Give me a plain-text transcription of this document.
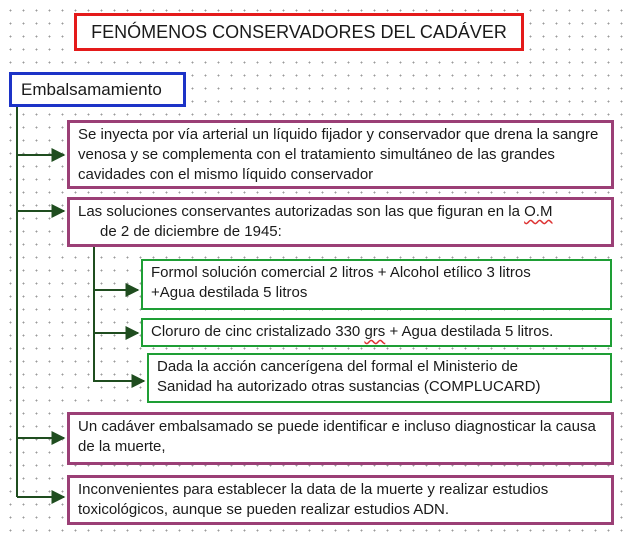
FENÓMENOS CONSERVADORES DEL CADÁVER
Embalsamamiento
Se inyecta por vía arterial un líquido fijador y conservador que drena la sangre venosa y se complementa con el tratamiento simultáneo de las grandes cavidades con el mismo líquido conservador
Las soluciones conservantes autorizadas son las que figuran en la O.M
de 2 de diciembre de 1945:
Formol solución comercial 2 litros + Alcohol etílico 3 litros
+Agua destilada 5 litros
Cloruro de cinc cristalizado 330 grs + Agua destilada 5 litros.
Dada la acción cancerígena del formal el Ministerio de Sanidad ha autorizado otras sustancias (COMPLUCARD)
Un cadáver embalsamado se puede identificar e incluso diagnosticar la causa de la muerte,
Inconvenientes para establecer la data de la muerte y realizar estudios toxicológicos, aunque se pueden realizar estudios ADN.
